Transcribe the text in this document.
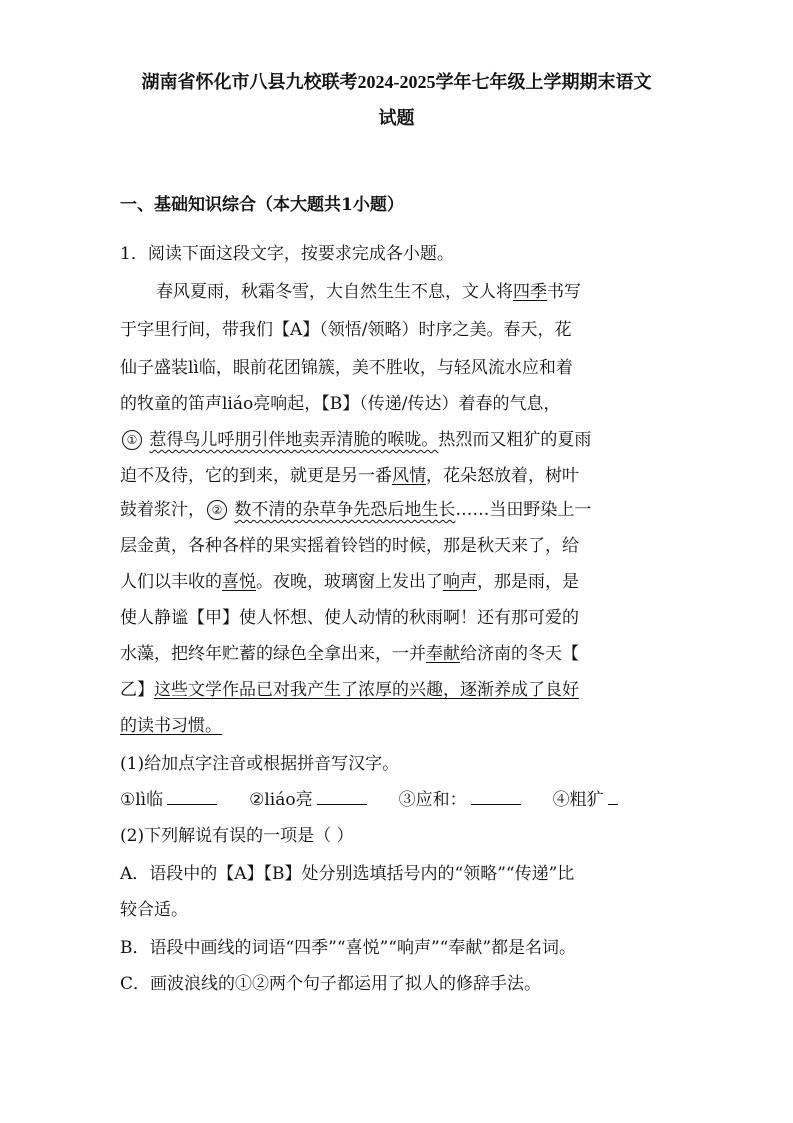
湖南省怀化市八县九校联考2024-2025学年七年级上学期期末语文
试题
一、基础知识综合（本大题共1小题）
1．阅读下面这段文字，按要求完成各小题。
春风夏雨，秋霜冬雪，大自然生生不息，文人将四季书写
于字里行间，带我们【A】（领悟/领略）时序之美。春天，花
仙子盛装lì临，眼前花团锦簇，美不胜收，与轻风流水应和着
的牧童的笛声liáo亮响起，【B】（传递/传达）着春的气息，
① 惹得鸟儿呼朋引伴地卖弄清脆的喉咙。热烈而又粗犷的夏雨
迫不及待，它的到来，就更是另一番风情，花朵怒放着，树叶
鼓着浆汁， ② 数不清的杂草争先恐后地生长……当田野染上一
层金黄，各种各样的果实摇着铃铛的时候，那是秋天来了，给
人们以丰收的喜悦。夜晚，玻璃窗上发出了响声，那是雨，是
使人静谧【甲】使人怀想、使人动情的秋雨啊！还有那可爱的
水藻，把终年贮蓄的绿色全拿出来，一并奉献给济南的冬天【
乙】这些文学作品已对我产生了浓厚的兴趣，逐渐养成了良好
的读书习惯。
(1)给加点字注音或根据拼音写汉字。
①lì临	②liáo亮	③应和：	④粗犷
(2)下列解说有误的一项是（ ）
A．语段中的【A】【B】处分别选填括号内的“领略”“传递”比
较合适。
B．语段中画线的词语“四季”“喜悦”“响声”“奉献”都是名词。
C．画波浪线的①②两个句子都运用了拟人的修辞手法。
